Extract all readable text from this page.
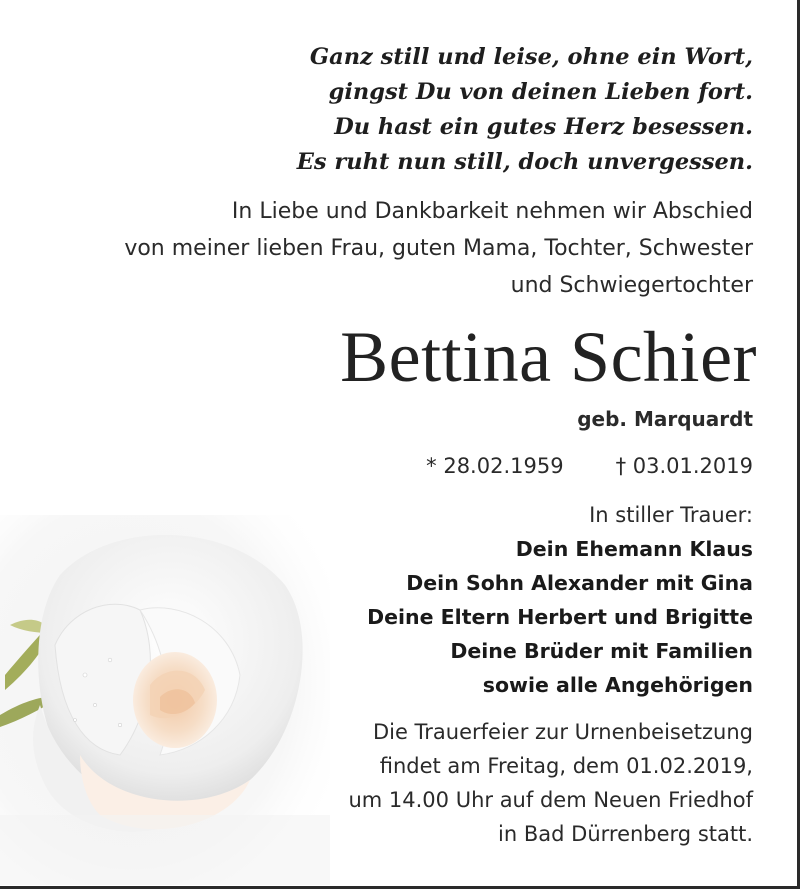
Ganz still und leise, ohne ein Wort,
gingst Du von deinen Lieben fort.
Du hast ein gutes Herz besessen.
Es ruht nun still, doch unvergessen.
In Liebe und Dankbarkeit nehmen wir Abschied
von meiner lieben Frau, guten Mama, Tochter, Schwester
und Schwiegertochter
Bettina Schier
geb. Marquardt
* 28.02.1959 † 03.01.2019
In stiller Trauer:
Dein Ehemann Klaus
Dein Sohn Alexander mit Gina
Deine Eltern Herbert und Brigitte
Deine Brüder mit Familien
sowie alle Angehörigen
Die Trauerfeier zur Urnenbeisetzung
findet am Freitag, dem 01.02.2019,
um 14.00 Uhr auf dem Neuen Friedhof
in Bad Dürrenberg statt.
